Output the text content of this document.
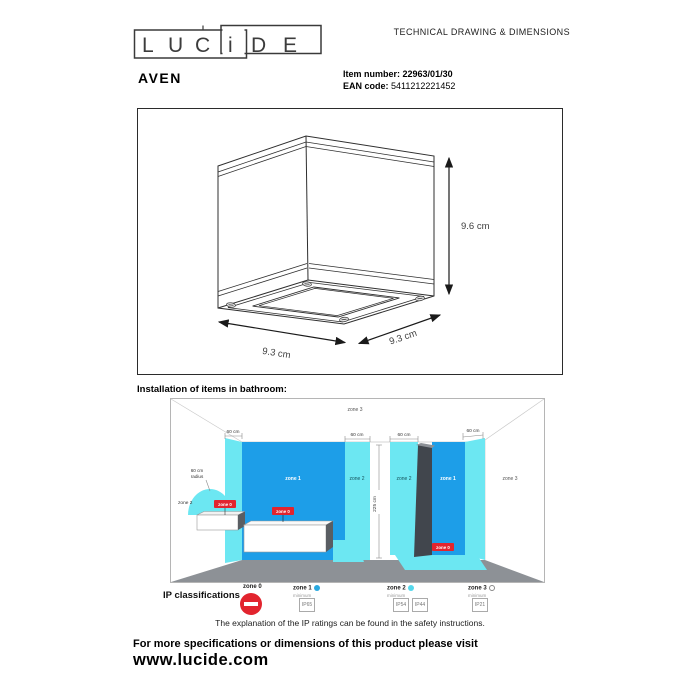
L U C i D E
TECHNICAL DRAWING & DIMENSIONS
AVEN	Item number: 22963/01/30
EAN code: 5411212221452
9.6 cm
9.3 cm
9.3 cm
Installation of items in bathroom:
zone 3
60 cm
60 cm	60 cm
60 cm
225 cm
60 cm
radius
zone 2	zone 0
zone 0
zone 0
zone 1	zone 2	zone 2	zone 1	zone 3
IP classifications
zone 0	zone 1
minimum
IP65
zone 2
minimum
IP54	IP44
zone 3
minimum
IP21
The explanation of the IP ratings can be found in the safety instructions.
For more specifications or dimensions of this product please visit
www.lucide.com
